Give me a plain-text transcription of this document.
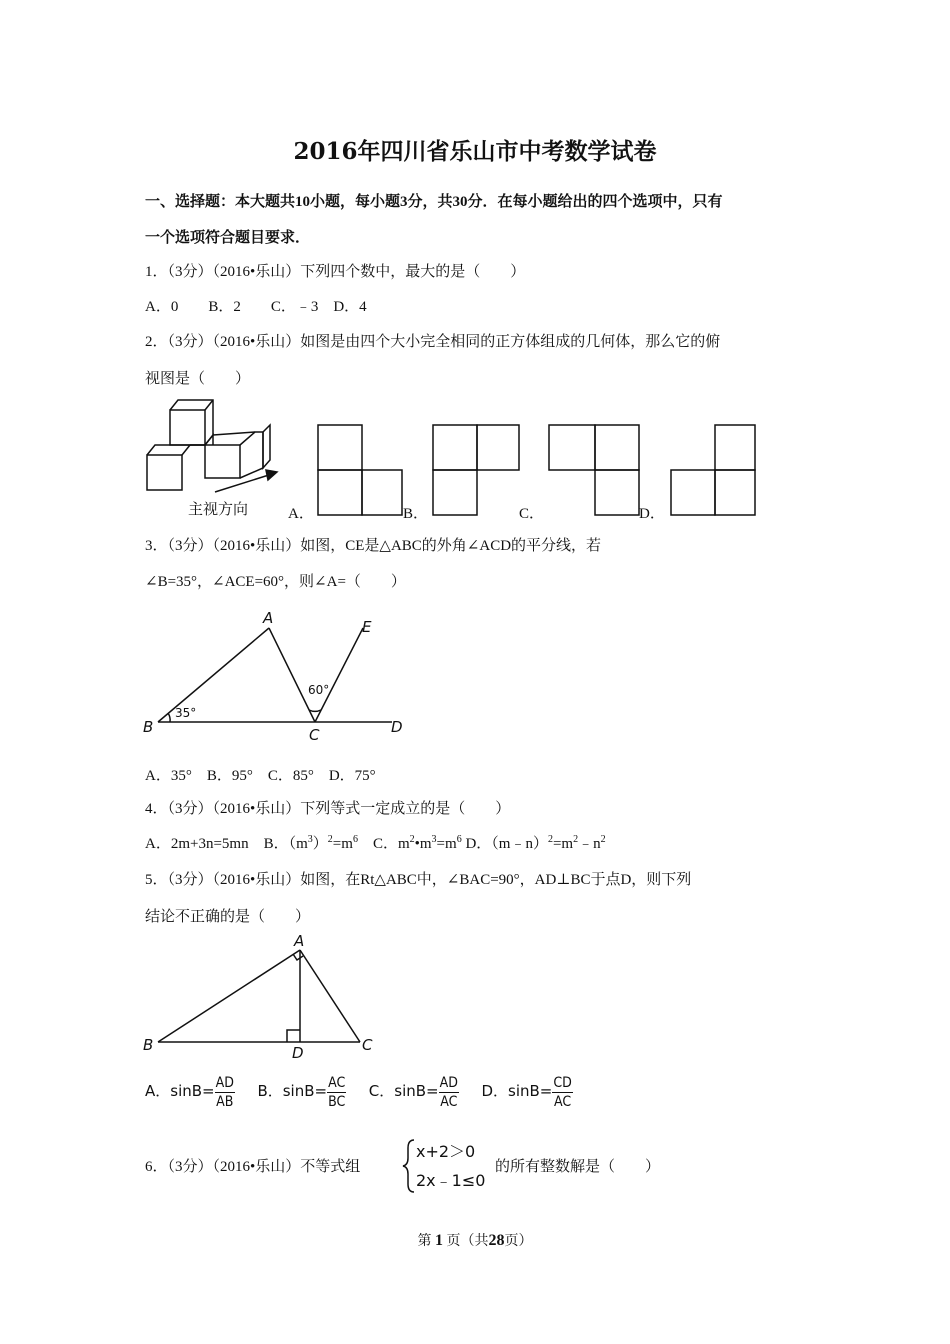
2016年四川省乐山市中考数学试卷
一、选择题：本大题共10小题，每小题3分，共30分．在每小题给出的四个选项中，只有
一个选项符合题目要求．
1．（3分）（2016•乐山）下列四个数中，最大的是（　　）
A．0　　B．2　　C．﹣3　D．4
2．（3分）（2016•乐山）如图是由四个大小完全相同的正方体组成的几何体，那么它的俯
视图是（　　）
主视方向	A．	B．	C．	D．
3．（3分）（2016•乐山）如图，CE是△ABC的外角∠ACD的平分线，若
∠B=35°，∠ACE=60°，则∠A=（　　）
A
B	C	D
E
35°
60°
A．35°　B．95°　C．85°　D．75°
4．（3分）（2016•乐山）下列等式一定成立的是（　　）
A．2m+3n=5mn B．$(m^3)^2=m^6$ C．$m^2•m^3=m^6$ D．$(m﹣n)^2=m^2﹣n^2$
5．（3分）（2016•乐山）如图，在Rt△ABC中，∠BAC=90°，AD⊥BC于点D，则下列
结论不正确的是（　　）
A
B	D	C
A．$\sin B= \frac{AD}{AB}$ B．$\sin B= \frac{AC}{BC}$ C．$\sin B= \frac{AD}{AC}$ D．$\sin B= \frac{CD}{AC}$
6．（3分）（2016•乐山）不等式组
x+2＞0
2x﹣1≤0
的所有整数解是（　　）
第 1 页（共28页）
